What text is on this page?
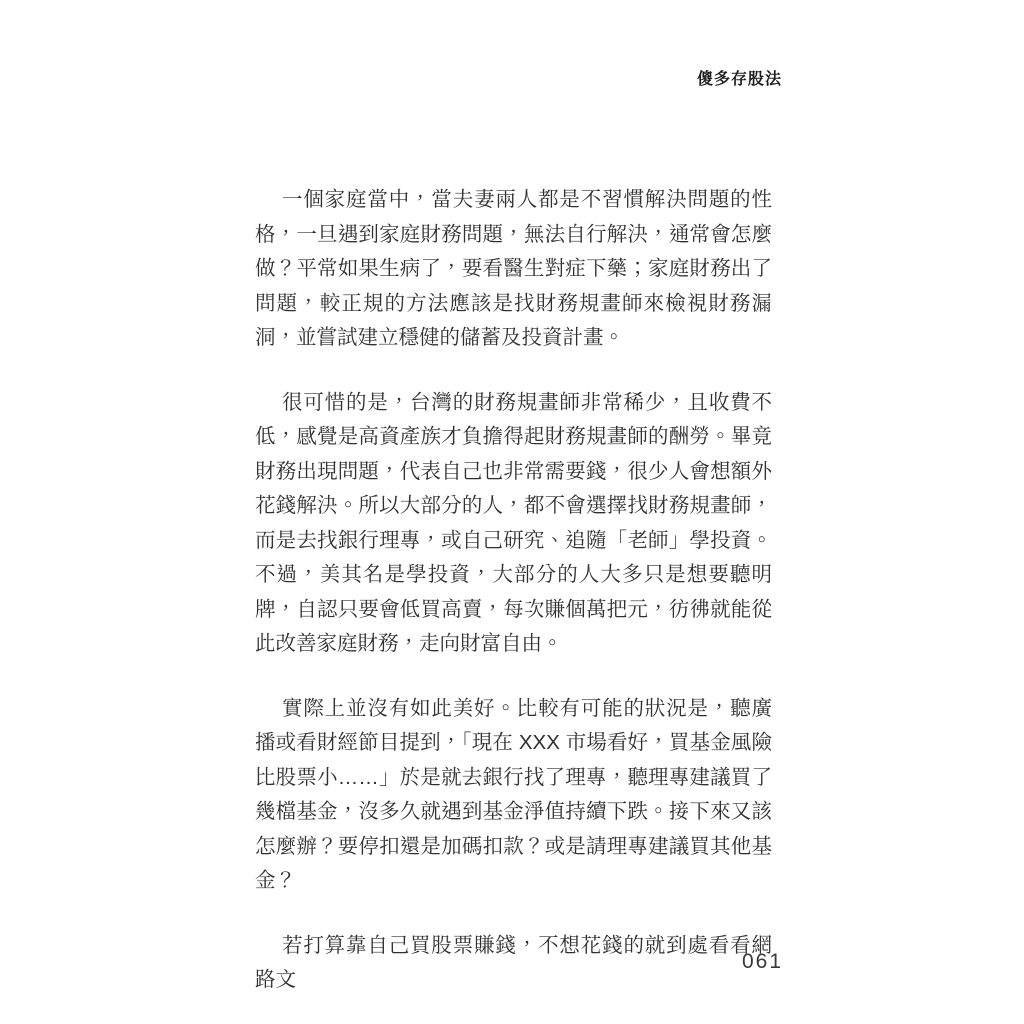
傻多存股法

一個家庭當中，當夫妻兩人都是不習慣解決問題的性格，一旦遇到家庭財務問題，無法自行解決，通常會怎麼做？平常如果生病了，要看醫生對症下藥；家庭財務出了問題，較正規的方法應該是找財務規畫師來檢視財務漏洞，並嘗試建立穩健的儲蓄及投資計畫。

很可惜的是，台灣的財務規畫師非常稀少，且收費不低，感覺是高資產族才負擔得起財務規畫師的酬勞。畢竟財務出現問題，代表自己也非常需要錢，很少人會想額外花錢解決。所以大部分的人，都不會選擇找財務規畫師，而是去找銀行理專，或自己研究、追隨「老師」學投資。不過，美其名是學投資，大部分的人大多只是想要聽明牌，自認只要會低買高賣，每次賺個萬把元，彷彿就能從此改善家庭財務，走向財富自由。

實際上並沒有如此美好。比較有可能的狀況是，聽廣播或看財經節目提到，「現在 XXX 市場看好，買基金風險比股票小……」於是就去銀行找了理專，聽理專建議買了幾檔基金，沒多久就遇到基金淨值持續下跌。接下來又該怎麼辦？要停扣還是加碼扣款？或是請理專建議買其他基金？

若打算靠自己買股票賺錢，不想花錢的就到處看看網路文

061
